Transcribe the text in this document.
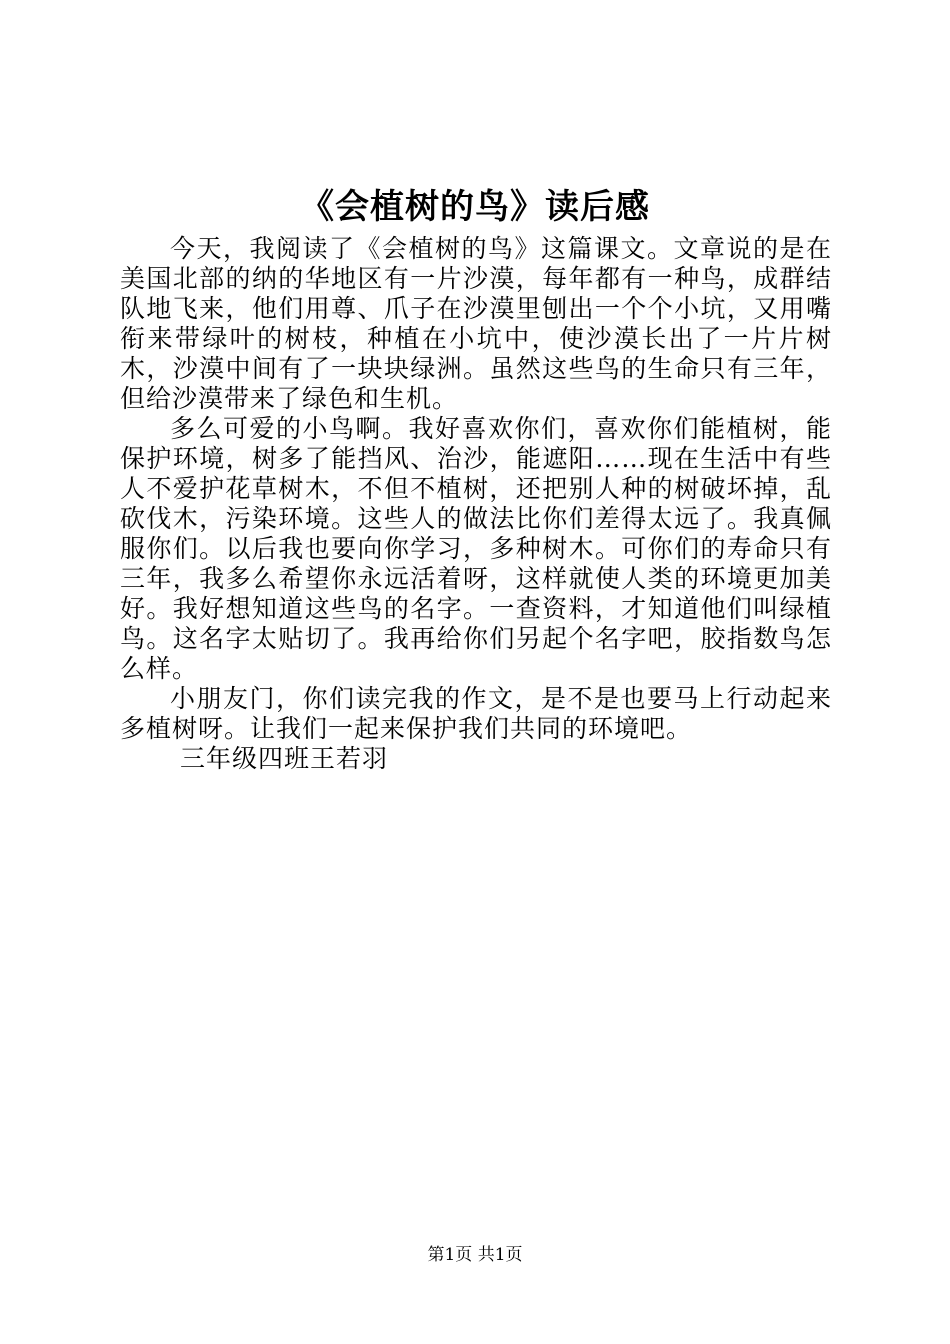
《会植树的鸟》读后感

今天，我阅读了《会植树的鸟》这篇课文。文章说的是在美国北部的纳的华地区有一片沙漠，每年都有一种鸟，成群结队地飞来，他们用尊、爪子在沙漠里刨出一个个小坑，又用嘴衔来带绿叶的树枝，种植在小坑中，使沙漠长出了一片片树木，沙漠中间有了一块块绿洲。虽然这些鸟的生命只有三年，但给沙漠带来了绿色和生机。

多么可爱的小鸟啊。我好喜欢你们，喜欢你们能植树，能保护环境，树多了能挡风、治沙，能遮阳……现在生活中有些人不爱护花草树木，不但不植树，还把别人种的树破坏掉，乱砍伐木，污染环境。这些人的做法比你们差得太远了。我真佩服你们。以后我也要向你学习，多种树木。可你们的寿命只有三年，我多么希望你永远活着呀，这样就使人类的环境更加美好。我好想知道这些鸟的名字。一查资料，才知道他们叫绿植鸟。这名字太贴切了。我再给你们另起个名字吧，胶指数鸟怎么样。

小朋友门，你们读完我的作文，是不是也要马上行动起来多植树呀。让我们一起来保护我们共同的环境吧。

三年级四班王若羽

第1页 共1页
